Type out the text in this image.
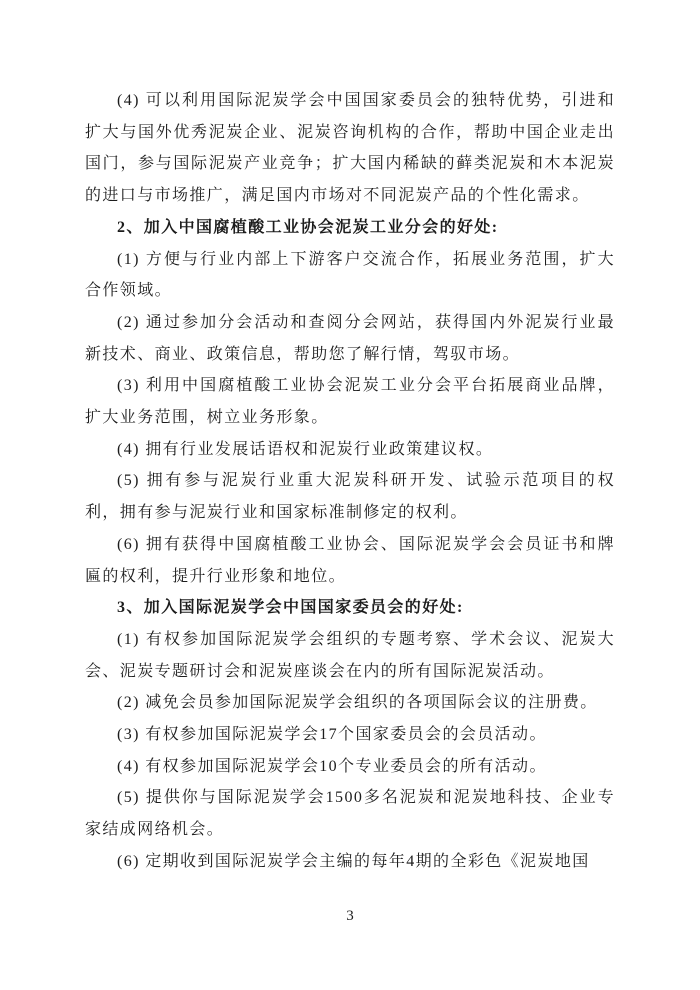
(4) 可以利用国际泥炭学会中国国家委员会的独特优势，引进和扩大与国外优秀泥炭企业、泥炭咨询机构的合作，帮助中国企业走出国门，参与国际泥炭产业竞争；扩大国内稀缺的藓类泥炭和木本泥炭的进口与市场推广，满足国内市场对不同泥炭产品的个性化需求。

2、加入中国腐植酸工业协会泥炭工业分会的好处:

(1) 方便与行业内部上下游客户交流合作，拓展业务范围，扩大合作领域。

(2) 通过参加分会活动和查阅分会网站，获得国内外泥炭行业最新技术、商业、政策信息，帮助您了解行情，驾驭市场。

(3) 利用中国腐植酸工业协会泥炭工业分会平台拓展商业品牌，扩大业务范围，树立业务形象。

(4) 拥有行业发展话语权和泥炭行业政策建议权。

(5) 拥有参与泥炭行业重大泥炭科研开发、试验示范项目的权利，拥有参与泥炭行业和国家标准制修定的权利。

(6) 拥有获得中国腐植酸工业协会、国际泥炭学会会员证书和牌匾的权利，提升行业形象和地位。

3、加入国际泥炭学会中国国家委员会的好处:

(1) 有权参加国际泥炭学会组织的专题考察、学术会议、泥炭大会、泥炭专题研讨会和泥炭座谈会在内的所有国际泥炭活动。

(2) 减免会员参加国际泥炭学会组织的各项国际会议的注册费。

(3) 有权参加国际泥炭学会17个国家委员会的会员活动。

(4) 有权参加国际泥炭学会10个专业委员会的所有活动。

(5) 提供你与国际泥炭学会1500多名泥炭和泥炭地科技、企业专家结成网络机会。

(6) 定期收到国际泥炭学会主编的每年4期的全彩色《泥炭地国

3
